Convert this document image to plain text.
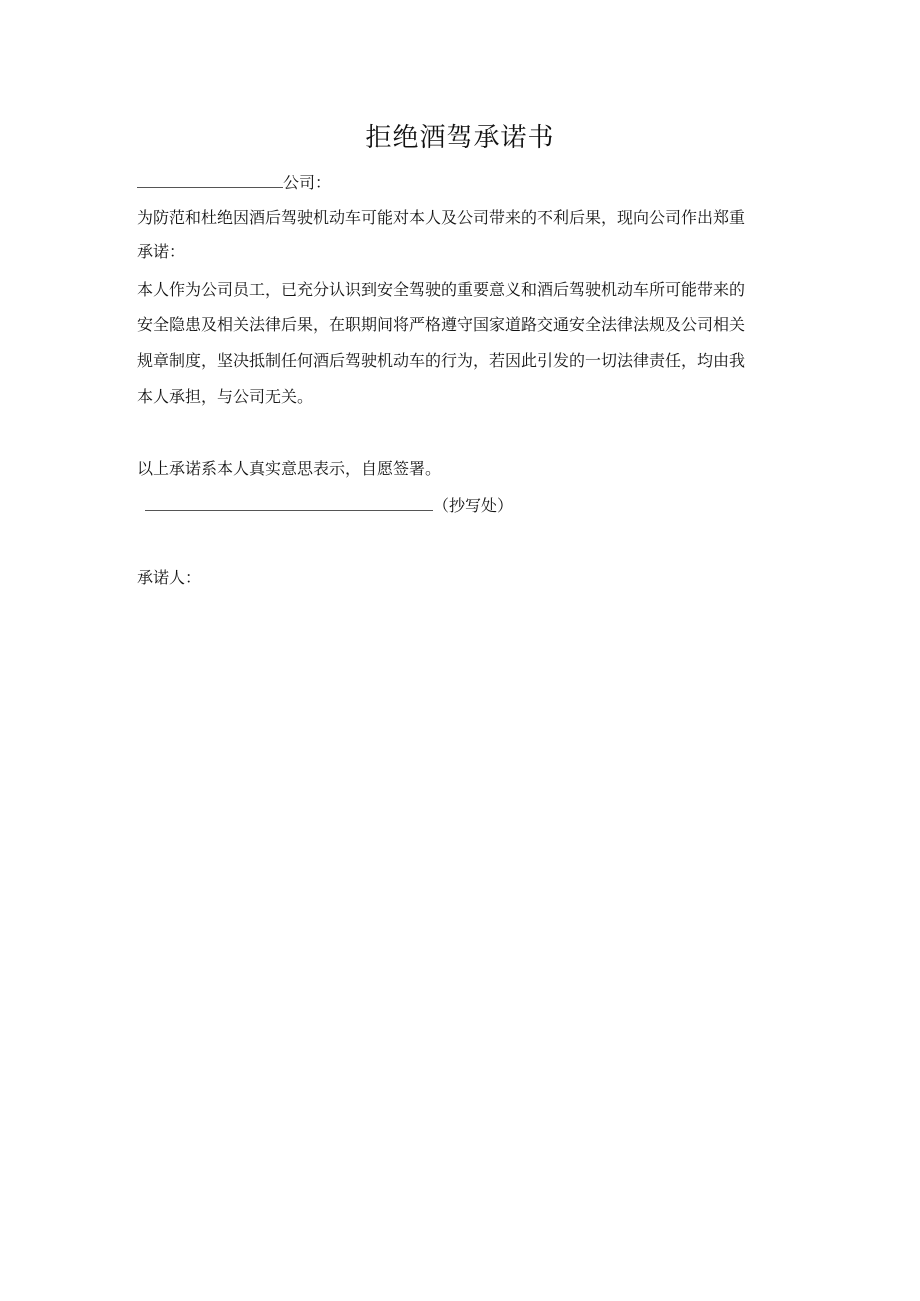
拒绝酒驾承诺书
公司：
为防范和杜绝因酒后驾驶机动车可能对本人及公司带来的不利后果，现向公司作出郑重
承诺：
本人作为公司员工，已充分认识到安全驾驶的重要意义和酒后驾驶机动车所可能带来的
安全隐患及相关法律后果，在职期间将严格遵守国家道路交通安全法律法规及公司相关
规章制度，坚决抵制任何酒后驾驶机动车的行为，若因此引发的一切法律责任，均由我
本人承担，与公司无关。
以上承诺系本人真实意思表示，自愿签署。
（抄写处）
承诺人：
